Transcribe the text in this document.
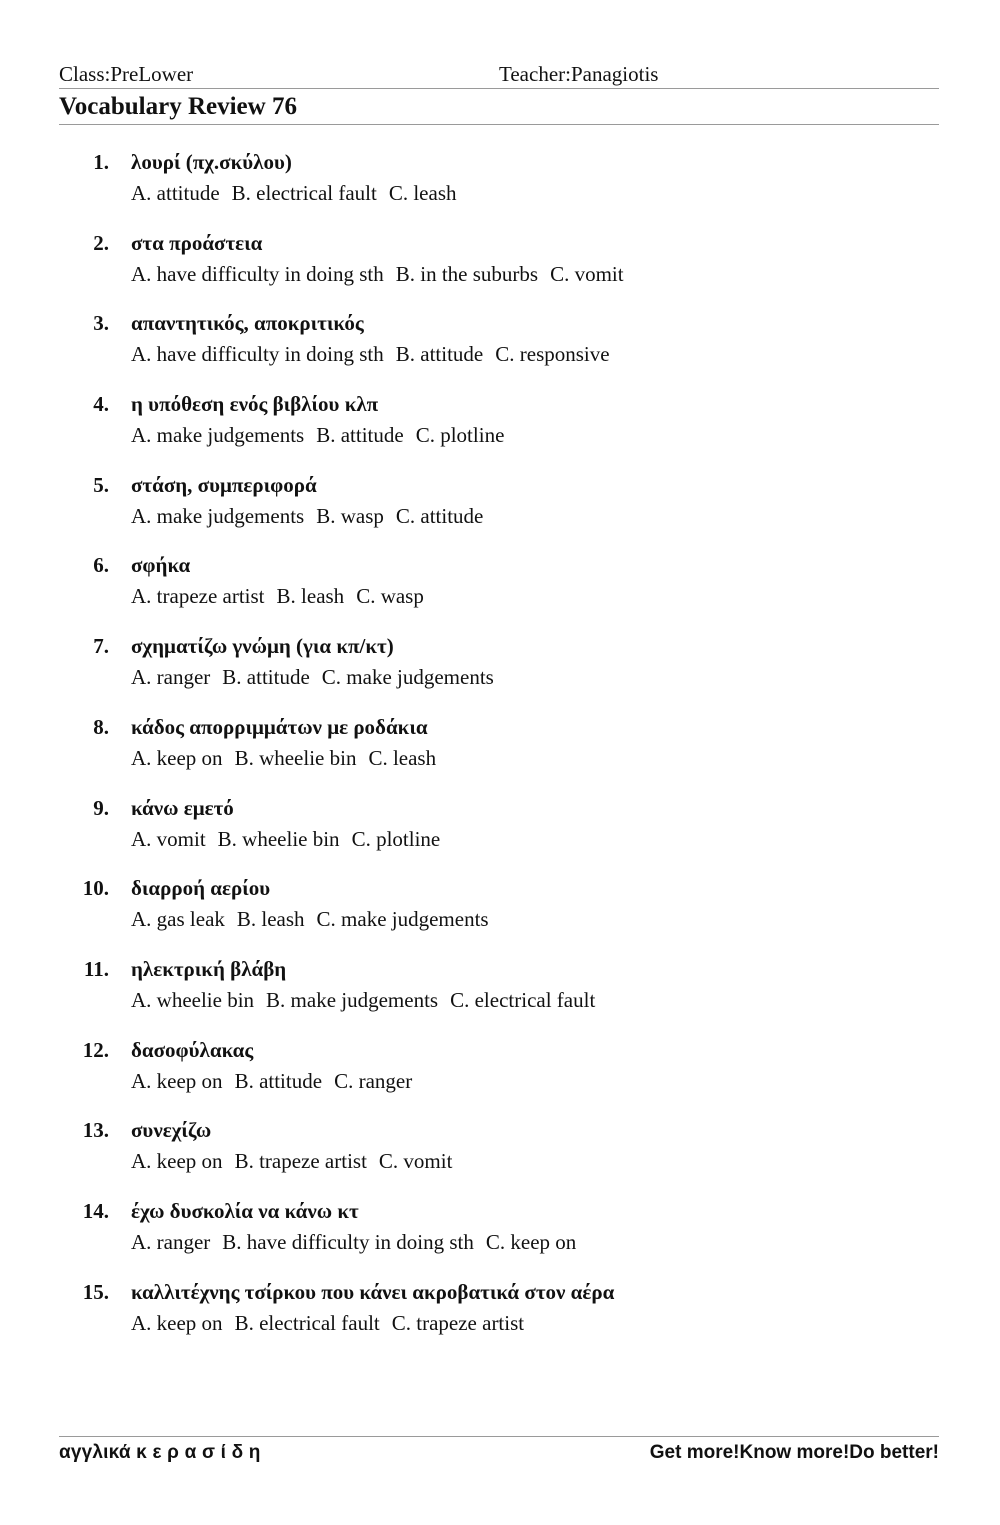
Class:PreLower	Teacher:Panagiotis
Vocabulary Review 76
1. λουρί (πχ.σκύλου)
A. attitude B. electrical fault C. leash
2. στα προάστεια
A. have difficulty in doing sth B. in the suburbs C. vomit
3. απαντητικός, αποκριτικός
A. have difficulty in doing sth B. attitude C. responsive
4. η υπόθεση ενός βιβλίου κλπ
A. make judgements B. attitude C. plotline
5. στάση, συμπεριφορά
A. make judgements B. wasp C. attitude
6. σφήκα
A. trapeze artist B. leash C. wasp
7. σχηματίζω γνώμη (για κπ/κτ)
A. ranger B. attitude C. make judgements
8. κάδος απορριμμάτων με ροδάκια
A. keep on B. wheelie bin C. leash
9. κάνω εμετό
A. vomit B. wheelie bin C. plotline
10. διαρροή αερίου
A. gas leak B. leash C. make judgements
11. ηλεκτρική βλάβη
A. wheelie bin B. make judgements C. electrical fault
12. δασοφύλακας
A. keep on B. attitude C. ranger
13. συνεχίζω
A. keep on B. trapeze artist C. vomit
14. έχω δυσκολία να κάνω κτ
A. ranger B. have difficulty in doing sth C. keep on
15. καλλιτέχνης τσίρκου που κάνει ακροβατικά στον αέρα
A. keep on B. electrical fault C. trapeze artist
αγγλικά κ ε ρ α σ ί δ η	Get more!Know more!Do better!
